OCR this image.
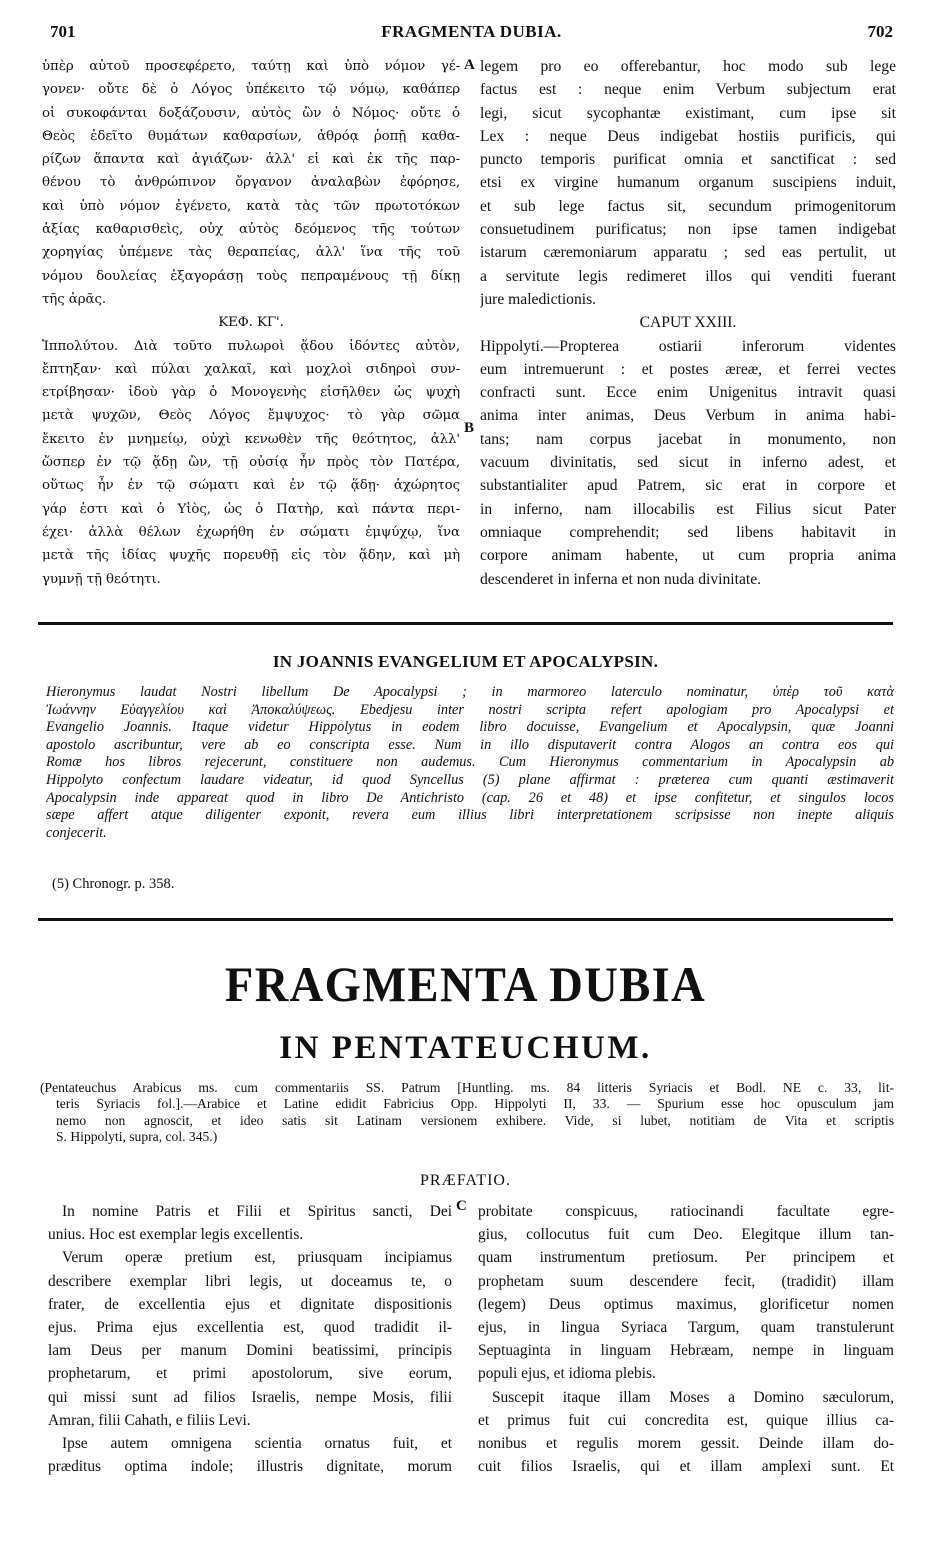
701	FRAGMENTA DUBIA.	702
ὑπὲρ αὐτοῦ προσεφέρετο, ταύτῃ καὶ ὑπὸ νόμον γέ-
γονεν· οὔτε δὲ ὁ Λόγος ὑπέκειτο τῷ νόμῳ, καθάπερ
οἱ συκοφάνται δοξάζουσιν, αὐτὸς ὢν ὁ Νόμος· οὔτε ὁ
Θεὸς ἐδεῖτο θυμάτων καθαρσίων, ἀθρόᾳ ῥοπῇ καθα-
ρίζων ἅπαντα καὶ ἁγιάζων· ἀλλ' εἰ καὶ ἐκ τῆς παρ-
θένου τὸ ἀνθρώπινον ὄργανον ἀναλαβὼν ἐφόρησε,
καὶ ὑπὸ νόμον ἐγένετο, κατὰ τὰς τῶν πρωτοτόκων
ἀξίας καθαρισθεὶς, οὐχ αὐτὸς δεόμενος τῆς τούτων
χορηγίας ὑπέμενε τὰς θεραπείας, ἀλλ' ἵνα τῆς τοῦ
νόμου δουλείας ἐξαγοράσῃ τοὺς πεπραμένους τῇ δίκῃ
τῆς ἀρᾶς.
ΚΕΦ. ΚΓ'.
Ἱππολύτου. Διὰ τοῦτο πυλωροὶ ᾅδου ἰδόντες αὐτὸν,
ἔπτηξαν· καὶ πύλαι χαλκαῖ, καὶ μοχλοὶ σιδηροὶ συν-
ετρίβησαν· ἰδοὺ γὰρ ὁ Μονογενὴς εἰσῆλθεν ὡς ψυχὴ
μετὰ ψυχῶν, Θεὸς Λόγος ἔμψυχος· τὸ γὰρ σῶμα
ἔκειτο ἐν μνημείῳ, οὐχὶ κενωθὲν τῆς θεότητος, ἀλλ'
ὥσπερ ἐν τῷ ᾅδῃ ὢν, τῇ οὐσίᾳ ἦν πρὸς τὸν Πατέρα,
οὕτως ἦν ἐν τῷ σώματι καὶ ἐν τῷ ᾅδῃ· ἀχώρητος
γάρ ἐστι καὶ ὁ Υἱὸς, ὡς ὁ Πατὴρ, καὶ πάντα περι-
έχει· ἀλλὰ θέλων ἐχωρήθη ἐν σώματι ἐμψύχῳ, ἵνα
μετὰ τῆς ἰδίας ψυχῆς πορευθῇ εἰς τὸν ᾅδην, καὶ μὴ
γυμνῇ τῇ θεότητι.
A
B
legem pro eo offerebantur, hoc modo sub lege
factus est : neque enim Verbum subjectum erat
legi, sicut sycophantæ existimant, cum ipse sit
Lex : neque Deus indigebat hostiis purificis, qui
puncto temporis purificat omnia et sanctificat : sed
etsi ex virgine humanum organum suscipiens induit,
et sub lege factus sit, secundum primogenitorum
consuetudinem purificatus; non ipse tamen indigebat
istarum cæremoniarum apparatu ; sed eas pertulit, ut
a servitute legis redimeret illos qui venditi fuerant
jure maledictionis.
CAPUT XXIII.
Hippolyti.—Propterea ostiarii inferorum videntes
eum intremuerunt : et postes æreæ, et ferrei vectes
confracti sunt. Ecce enim Unigenitus intravit quasi
anima inter animas, Deus Verbum in anima habi-
tans; nam corpus jacebat in monumento, non
vacuum divinitatis, sed sicut in inferno adest, et
substantialiter apud Patrem, sic erat in corpore et
in inferno, nam illocabilis est Filius sicut Pater
omniaque comprehendit; sed libens habitavit in
corpore animam habente, ut cum propria anima
descenderet in inferna et non nuda divinitate.
IN JOANNIS EVANGELIUM ET APOCALYPSIN.
Hieronymus laudat Nostri libellum De Apocalypsi ; in marmoreo laterculo nominatur, ὑπὲρ τοῦ κατὰ
Ἰωάννην Εὐαγγελίου καὶ Ἀποκαλύψεως. Ebedjesu inter nostri scripta refert apologiam pro Apocalypsi et
Evangelio Joannis. Itaque videtur Hippolytus in eodem libro docuisse, Evangelium et Apocalypsin, quæ Joanni
apostolo ascribuntur, vere ab eo conscripta esse. Num in illo disputaverit contra Alogos an contra eos qui
Romæ hos libros rejecerunt, constituere non audemus. Cum Hieronymus commentarium in Apocalypsin ab
Hippolyto confectum laudare videatur, id quod Syncellus (5) plane affirmat : præterea cum quanti æstimaverit
Apocalypsin inde appareat quod in libro De Antichristo (cap. 26 et 48) et ipse confitetur, et singulos locos
sæpe affert atque diligenter exponit, revera eum illius libri interpretationem scripsisse non inepte aliquis
conjecerit.
(5) Chronogr. p. 358.
FRAGMENTA DUBIA
IN PENTATEUCHUM.
(Pentateuchus Arabicus ms. cum commentariis SS. Patrum [Huntling. ms. 84 litteris Syriacis et Bodl. NE c. 33, lit-
teris Syriacis fol.].—Arabice et Latine edidit Fabricius Opp. Hippolyti II, 33. — Spurium esse hoc opusculum jam
nemo non agnoscit, et ideo satis sit Latinam versionem exhibere. Vide, si lubet, notitiam de Vita et scriptis
S. Hippolyti, supra, col. 345.)
PRÆFATIO.
C
In nomine Patris et Filii et Spiritus sancti, Dei
unius. Hoc est exemplar legis excellentis.
Verum operæ pretium est, priusquam incipiamus
describere exemplar libri legis, ut doceamus te, o
frater, de excellentia ejus et dignitate dispositionis
ejus. Prima ejus excellentia est, quod tradidit il-
lam Deus per manum Domini beatissimi, principis
prophetarum, et primi apostolorum, sive eorum,
qui missi sunt ad filios Israelis, nempe Mosis, filii
Amran, filii Cahath, e filiis Levi.
Ipse autem omnigena scientia ornatus fuit, et
præditus optima indole; illustris dignitate, morum
probitate conspicuus, ratiocinandi facultate egre-
gius, collocutus fuit cum Deo. Elegitque illum tan-
quam instrumentum pretiosum. Per principem et
prophetam suum descendere fecit, (tradidit) illam
(legem) Deus optimus maximus, glorificetur nomen
ejus, in lingua Syriaca Targum, quam transtulerunt
Septuaginta in linguam Hebræam, nempe in linguam
populi ejus, et idioma plebis.
Suscepit itaque illam Moses a Domino sæculorum,
et primus fuit cui concredita est, quique illius ca-
nonibus et regulis morem gessit. Deinde illam do-
cuit filios Israelis, qui et illam amplexi sunt. Et
